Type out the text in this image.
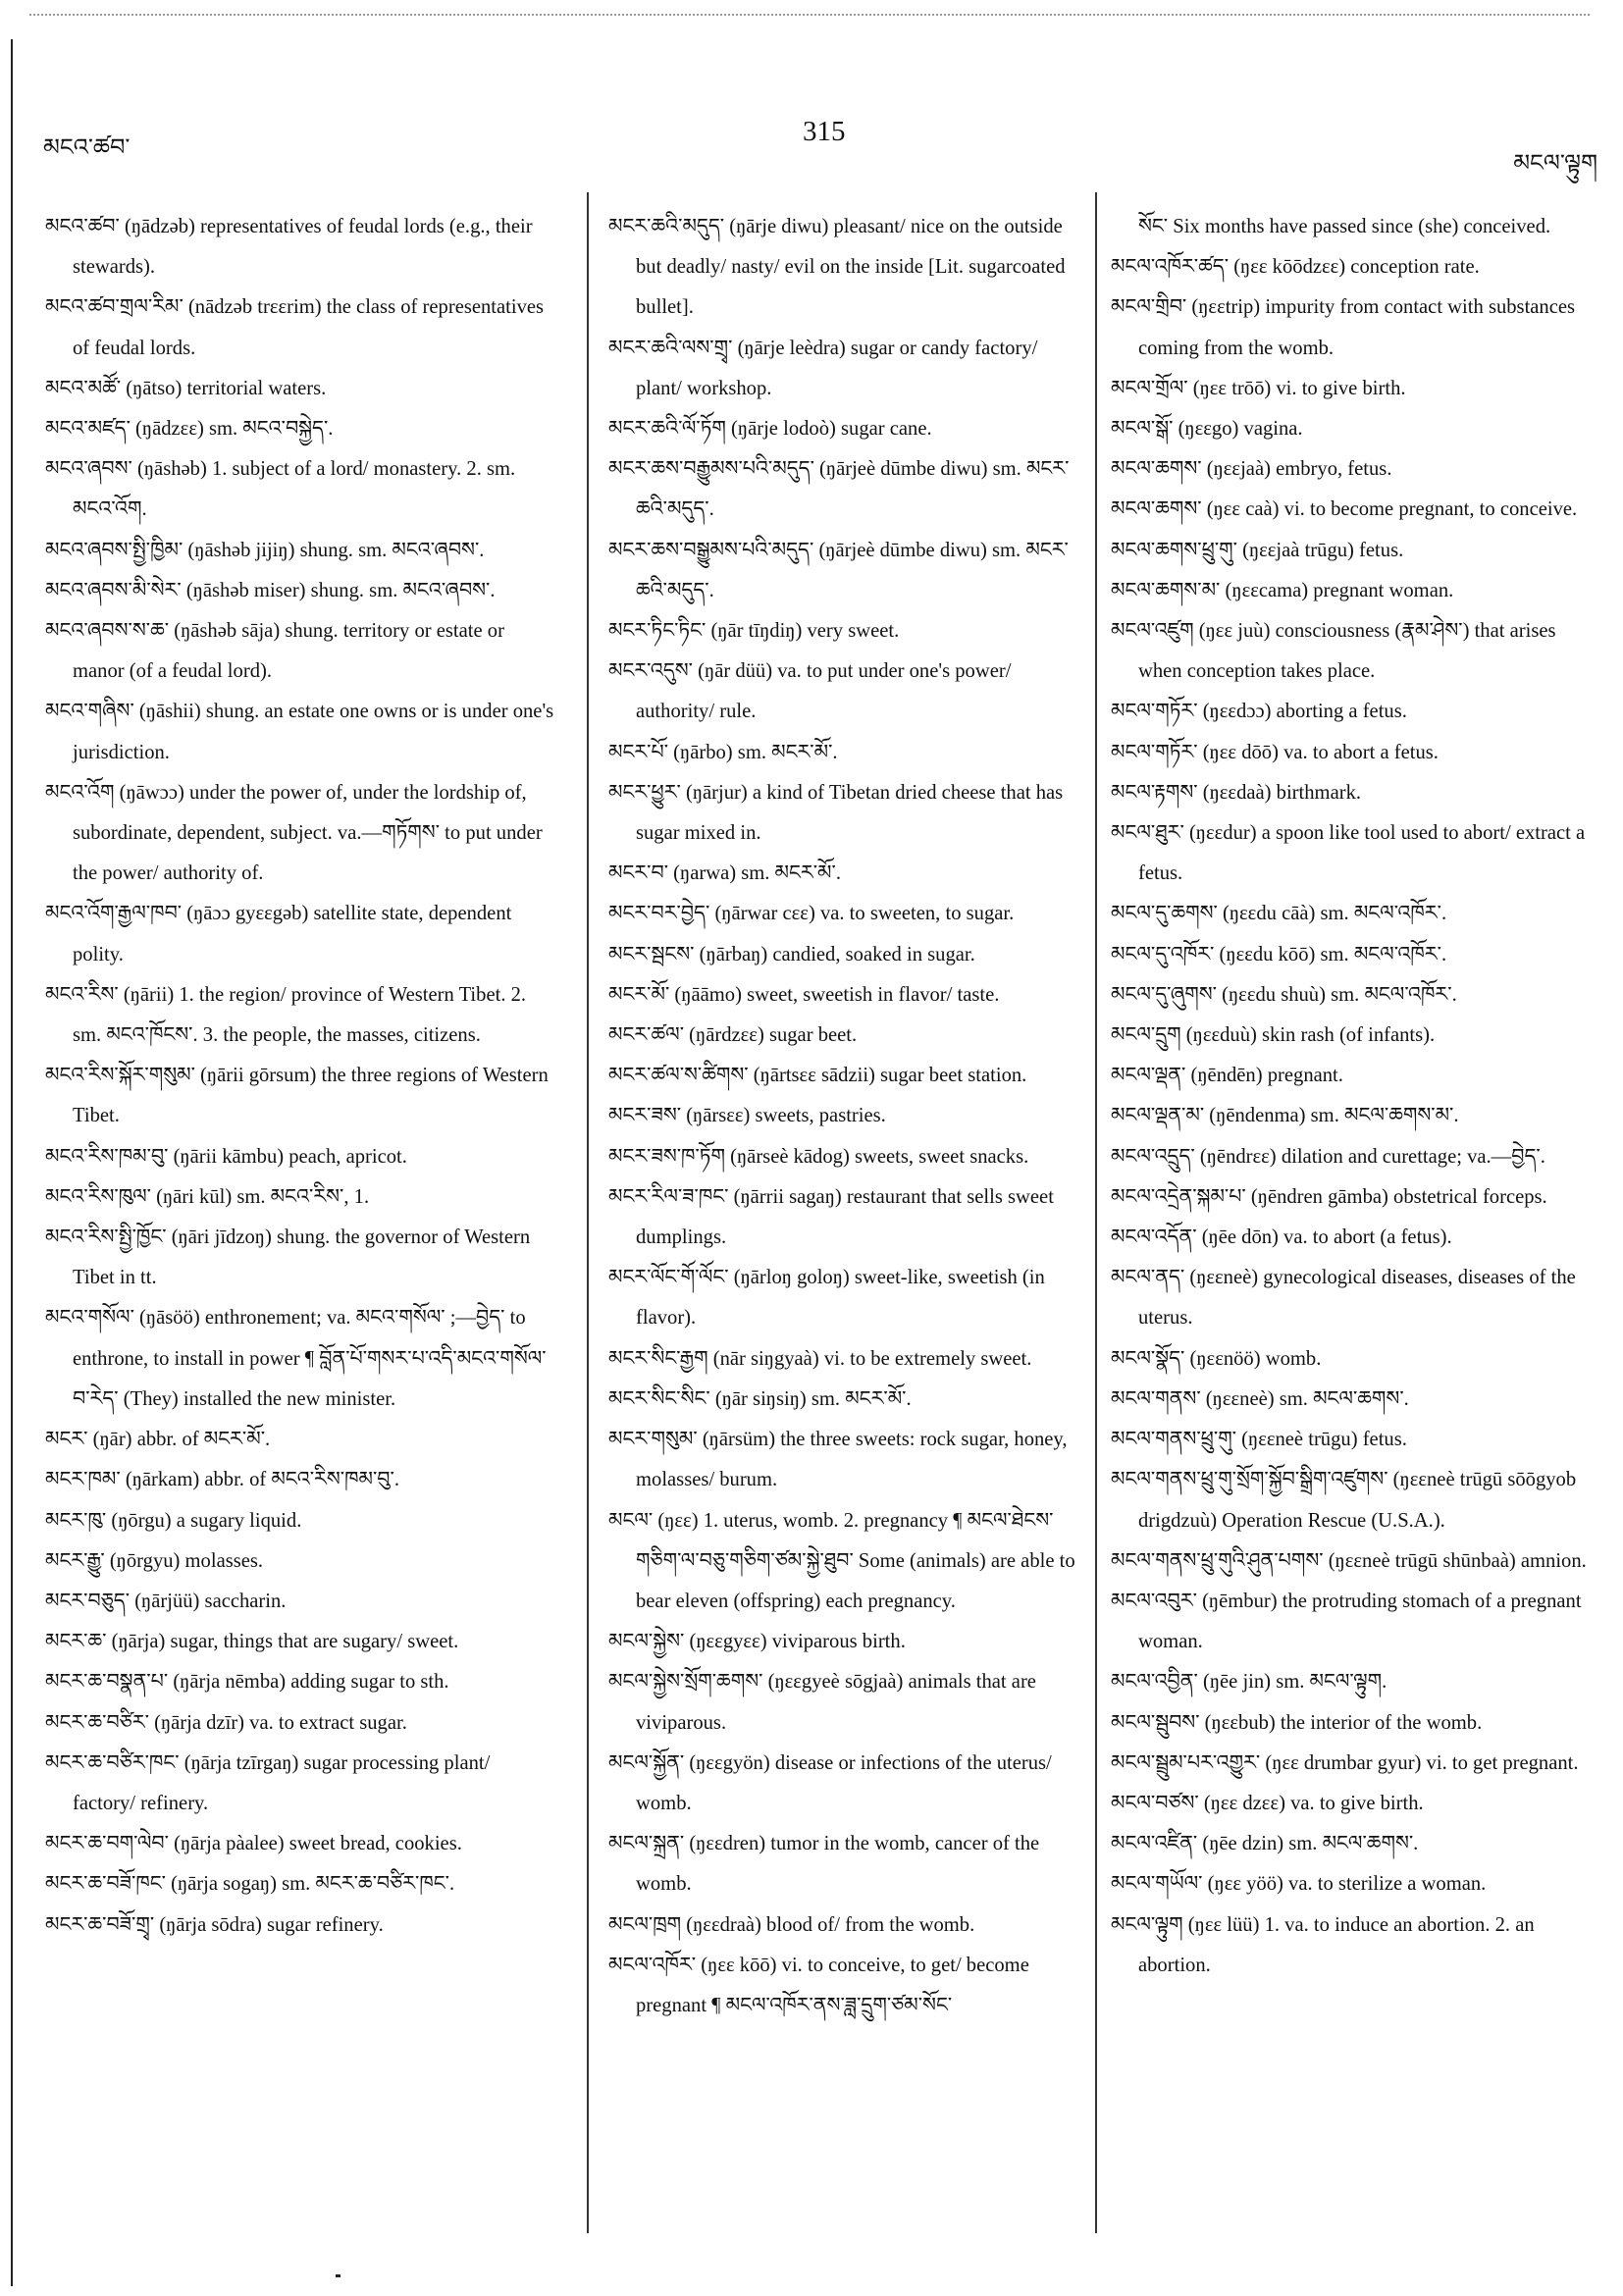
མངའ་ཚབ་
315
མངལ་ལྟུག

མངའ་ཚབ་ (ŋādzəb) representatives of feudal lords (e.g., their stewards).

མངའ་ཚབ་གྲལ་རིམ་ (nādzəb trɛɛrim) the class of representatives of feudal lords.

མངའ་མཚོ་ (ŋātso) territorial waters.

མངའ་མཛད་ (ŋādzɛɛ) sm. མངའ་བསྐྱེད་.

མངའ་ཞབས་ (ŋāshəb) 1. subject of a lord/ monastery. 2. sm. མངའ་འོག.

མངའ་ཞབས་སྤྱི་ཁྱིམ་ (ŋāshəb jijiŋ) shung. sm. མངའ་ཞབས་.

མངའ་ཞབས་མི་སེར་ (ŋāshəb miser) shung. sm. མངའ་ཞབས་.

མངའ་ཞབས་ས་ཆ་ (ŋāshəb sāja) shung. territory or estate or manor (of a feudal lord).

མངའ་གཞིས་ (ŋāshii) shung. an estate one owns or is under one's jurisdiction.

མངའ་འོག (ŋāwɔɔ) under the power of, under the lordship of, subordinate, dependent, subject. va.—གཏོགས་ to put under the power/ authority of.

མངའ་འོག་རྒྱལ་ཁབ་ (ŋāɔɔ gyɛɛgəb) satellite state, dependent polity.

མངའ་རིས་ (ŋārii) 1. the region/ province of Western Tibet. 2. sm. མངའ་ཁོངས་. 3. the people, the masses, citizens.

མངའ་རིས་སྐོར་གསུམ་ (ŋārii gōrsum) the three regions of Western Tibet.

མངའ་རིས་ཁམ་བུ་ (ŋārii kāmbu) peach, apricot.

མངའ་རིས་ཁུལ་ (ŋāri kūl) sm. མངའ་རིས་, 1.

མངའ་རིས་སྤྱི་ཁྱོང་ (ŋāri jīdzoŋ) shung. the governor of Western Tibet in tt.

མངའ་གསོལ་ (ŋāsöö) enthronement; va. མངའ་གསོལ་ ;—བྱེད་ to enthrone, to install in power ¶ བློན་པོ་གསར་པ་འདི་མངའ་གསོལ་བ་རེད་ (They) installed the new minister.

མངར་ (ŋār) abbr. of མངར་མོ་.

མངར་ཁམ་ (ŋārkam) abbr. of མངའ་རིས་ཁམ་བུ་.

མངར་ཁུ་ (ŋōrgu) a sugary liquid.

མངར་རྒྱུ་ (ŋōrgyu) molasses.

མངར་བཅུད་ (ŋārjüü) saccharin.

མངར་ཆ་ (ŋārja) sugar, things that are sugary/ sweet.

མངར་ཆ་བསྣན་པ་ (ŋārja nēmba) adding sugar to sth.

མངར་ཆ་བཙིར་ (ŋārja dzīr) va. to extract sugar.

མངར་ཆ་བཙིར་ཁང་ (ŋārja tzīrgaŋ) sugar processing plant/ factory/ refinery.

མངར་ཆ་བག་ལེབ་ (ŋārja pàalee) sweet bread, cookies.

མངར་ཆ་བཟོ་ཁང་ (ŋārja sogaŋ) sm. མངར་ཆ་བཙིར་ཁང་.

མངར་ཆ་བཟོ་གྲྭ་ (ŋārja sōdra) sugar refinery.

མངར་ཆའི་མདུད་ (ŋārje diwu) pleasant/ nice on the outside but deadly/ nasty/ evil on the inside [Lit. sugarcoated bullet].

མངར་ཆའི་ལས་གྲྭ་ (ŋārje leèdra) sugar or candy factory/ plant/ workshop.

མངར་ཆའི་ལོ་ཏོག (ŋārje lodoò) sugar cane.

མངར་ཆས་བརྒྱུམས་པའི་མདུད་ (ŋārjeè dūmbe diwu) sm. མངར་ཆའི་མདུད་.

མངར་ཆས་བསྒྱུམས་པའི་མདུད་ (ŋārjeè dūmbe diwu) sm. མངར་ཆའི་མདུད་.

མངར་ཏིང་ཏིང་ (ŋār tīŋdiŋ) very sweet.

མངར་འདུས་ (ŋār düü) va. to put under one's power/ authority/ rule.

མངར་པོ་ (ŋārbo) sm. མངར་མོ་.

མངར་ཕྱུར་ (ŋārjur) a kind of Tibetan dried cheese that has sugar mixed in.

མངར་བ་ (ŋarwa) sm. མངར་མོ་.

མངར་བར་བྱེད་ (ŋārwar cɛɛ) va. to sweeten, to sugar.

མངར་སྦངས་ (ŋārbaŋ) candied, soaked in sugar.

མངར་མོ་ (ŋāāmo) sweet, sweetish in flavor/ taste.

མངར་ཚལ་ (ŋārdzɛɛ) sugar beet.

མངར་ཚལ་ས་ཚིགས་ (ŋārtsɛɛ sādzii) sugar beet station.

མངར་ཟས་ (ŋārsɛɛ) sweets, pastries.

མངར་ཟས་ཁ་ཏོག (ŋārseè kādog) sweets, sweet snacks.

མངར་རིལ་ཟ་ཁང་ (ŋārrii sagaŋ) restaurant that sells sweet dumplings.

མངར་ལོང་གོ་ལོང་ (ŋārloŋ goloŋ) sweet-like, sweetish (in flavor).

མངར་སིང་རྒྱག (nār siŋgyaà) vi. to be extremely sweet.

མངར་སིང་སིང་ (ŋār siŋsiŋ) sm. མངར་མོ་.

མངར་གསུམ་ (ŋārsüm) the three sweets: rock sugar, honey, molasses/ burum.

མངལ་ (ŋɛɛ) 1. uterus, womb. 2. pregnancy ¶ མངལ་ཐེངས་གཅིག་ལ་བཅུ་གཅིག་ཙམ་སྐྱེ་ཐུབ་ Some (animals) are able to bear eleven (offspring) each pregnancy.

མངལ་སྐྱེས་ (ŋɛɛgyɛɛ) viviparous birth.

མངལ་སྐྱེས་སྲོག་ཆགས་ (ŋɛɛgyeè sōgjaà) animals that are viviparous.

མངལ་སྐྱོན་ (ŋɛɛgyön) disease or infections of the uterus/ womb.

མངལ་སྐྲན་ (ŋɛɛdren) tumor in the womb, cancer of the womb.

མངལ་ཁྲག (ŋɛɛdraà) blood of/ from the womb.

མངལ་འཁོར་ (ŋɛɛ kōō) vi. to conceive, to get/ become pregnant ¶ མངལ་འཁོར་ནས་ཟླ་དྲུག་ཙམ་སོང་

སོང་ Six months have passed since (she) conceived.

མངལ་འཁོར་ཚད་ (ŋɛɛ kōōdzɛɛ) conception rate.

མངལ་གྲིབ་ (ŋɛɛtrip) impurity from contact with substances coming from the womb.

མངལ་གྲོལ་ (ŋɛɛ trōō) vi. to give birth.

མངལ་སྒོ་ (ŋɛɛgo) vagina.

མངལ་ཆགས་ (ŋɛɛjaà) embryo, fetus.

མངལ་ཆགས་ (ŋɛɛ caà) vi. to become pregnant, to conceive.

མངལ་ཆགས་ཕྲུ་གུ་ (ŋɛɛjaà trūgu) fetus.

མངལ་ཆགས་མ་ (ŋɛɛcama) pregnant woman.

མངལ་འཛུག (ŋɛɛ juù) consciousness (རྣམ་ཤེས་) that arises when conception takes place.

མངལ་གཏོར་ (ŋɛɛdɔɔ) aborting a fetus.

མངལ་གཏོར་ (ŋɛɛ dōō) va. to abort a fetus.

མངལ་རྟགས་ (ŋɛɛdaà) birthmark.

མངལ་ཐུར་ (ŋɛɛdur) a spoon like tool used to abort/ extract a fetus.

མངལ་དུ་ཆགས་ (ŋɛɛdu cāà) sm. མངལ་འཁོར་.

མངལ་དུ་འཁོར་ (ŋɛɛdu kōō) sm. མངལ་འཁོར་.

མངལ་དུ་ཞུགས་ (ŋɛɛdu shuù) sm. མངལ་འཁོར་.

མངལ་དྲུག (ŋɛɛduù) skin rash (of infants).

མངལ་ལྡན་ (ŋēndēn) pregnant.

མངལ་ལྡན་མ་ (ŋēndenma) sm. མངལ་ཆགས་མ་.

མངལ་འདྲུད་ (ŋēndrɛɛ) dilation and curettage; va.—བྱེད་.

མངལ་འདྲེན་སྐམ་པ་ (ŋēndren gāmba) obstetrical forceps.

མངལ་འདོན་ (ŋēe dōn) va. to abort (a fetus).

མངལ་ནད་ (ŋɛɛneè) gynecological diseases, diseases of the uterus.

མངལ་སྣོད་ (ŋɛɛnöö) womb.

མངལ་གནས་ (ŋɛɛneè) sm. མངལ་ཆགས་.

མངལ་གནས་ཕྲུ་གུ་ (ŋɛɛneè trūgu) fetus.

མངལ་གནས་ཕྲུ་གུ་སྲོག་སྐྱོབ་སྒྲིག་འཛུགས་ (ŋɛɛneè trūgū sōōgyob drigdzuù) Operation Rescue (U.S.A.).

མངལ་གནས་ཕྲུ་གུའི་ཤུན་པགས་ (ŋɛɛneè trūgū shūnbaà) amnion.

མངལ་འབུར་ (ŋēmbur) the protruding stomach of a pregnant woman.

མངལ་འབྱིན་ (ŋēe jin) sm. མངལ་ལྟུག.

མངལ་སྦུབས་ (ŋɛɛbub) the interior of the womb.

མངལ་སྦྲུམ་པར་འགྱུར་ (ŋɛɛ drumbar gyur) vi. to get pregnant.

མངལ་བཙས་ (ŋɛɛ dzɛɛ) va. to give birth.

མངལ་འཛིན་ (ŋēe dzin) sm. མངལ་ཆགས་.

མངལ་གཡོལ་ (ŋɛɛ yöö) va. to sterilize a woman.

མངལ་ལྟུག (ŋɛɛ lüü) 1. va. to induce an abortion. 2. an abortion.
